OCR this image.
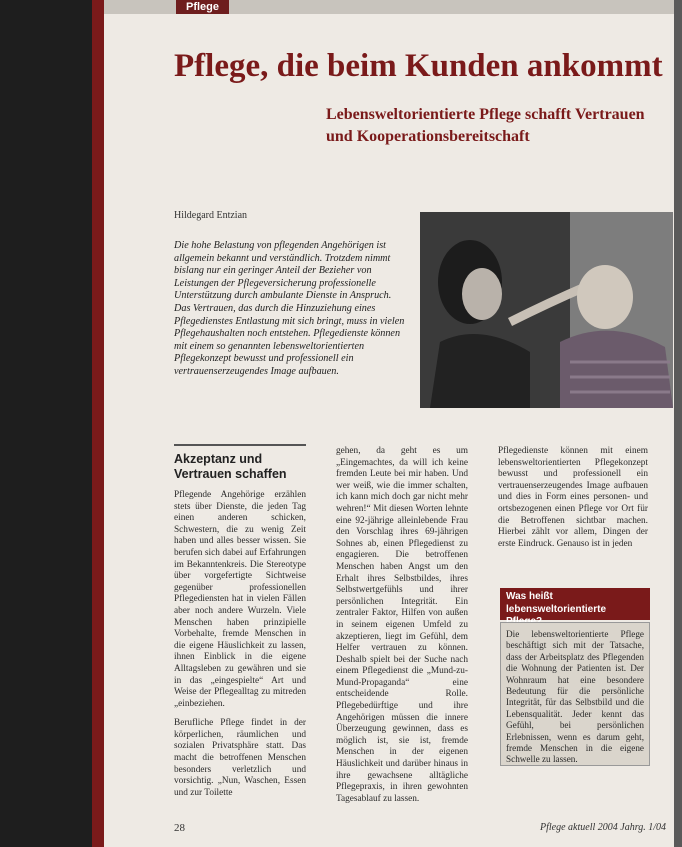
Pflege
Pflege, die beim Kunden ankommt
Lebensweltorientierte Pflege schafft Vertrauen und Kooperationsbereitschaft
Hildegard Entzian

Die hohe Belastung von pflegenden Angehörigen ist allgemein bekannt und verständlich. Trotzdem nimmt bislang nur ein geringer Anteil der Bezieher von Leistungen der Pflegeversicherung professionelle Unterstützung durch ambulante Dienste in Anspruch. Das Vertrauen, das durch die Hinzuziehung eines Pflegedienstes Entlastung mit sich bringt, muss in vielen Pflegehaushalten noch entstehen. Pflegedienste können mit einem so genannten lebensweltorientierten Pflegekonzept bewusst und professionell ein vertrauenserzeugendes Image aufbauen.

Akzeptanz und Vertrauen schaffen

Pflegende Angehörige erzählen stets über Dienste, die jeden Tag einen anderen schicken, Schwestern, die zu wenig Zeit haben und alles besser wissen. Sie berufen sich dabei auf Erfahrungen im Bekanntenkreis. Die Stereotype über vorgefertigte Sichtweise gegenüber professionellen Pflegediensten hat in vielen Fällen aber noch andere Wurzeln. Viele Menschen haben prinzipielle Vorbehalte, fremde Menschen in die eigene Häuslichkeit zu lassen, ihnen Einblick in die eigene Alltagsleben zu gewähren und sie in das „eingespielte“ Art und Weise der Pflegealltag zu mitreden „einbeziehen.

Berufliche Pflege findet in der körperlichen, räumlichen und sozialen Privatsphäre statt. Das macht die betroffenen Menschen besonders verletzlich und vorsichtig. „Nun, Waschen, Essen und zur Toilette

gehen, da geht es um „Eingemachtes, da will ich keine fremden Leute bei mir haben. Und wer weiß, wie die immer schalten, ich kann mich doch gar nicht mehr wehren!“ Mit diesen Worten lehnte eine 92-jährige alleinlebende Frau den Vorschlag ihres 69-jährigen Sohnes ab, einen Pflegedienst zu engagieren. Die betroffenen Menschen haben Angst um den Erhalt ihres Selbstbildes, ihres Selbstwertgefühls und ihrer persönlichen Integrität. Ein zentraler Faktor, Hilfen von außen in seinem eigenen Umfeld zu akzeptieren, liegt im Gefühl, dem Helfer vertrauen zu können. Deshalb spielt bei der Suche nach einem Pflegedienst die „Mund-zu-Mund-Propaganda“ eine entscheidende Rolle. Pflegebedürftige und ihre Angehörigen müssen die innere Überzeugung gewinnen, dass es möglich ist, sie ist, fremde Menschen in der eigenen Häuslichkeit und darüber hinaus in ihre gewachsene alltägliche Pflegepraxis, in ihren gewohnten Tagesablauf zu lassen.

Pflegedienste können mit einem lebensweltorientierten Pflegekonzept bewusst und professionell ein vertrauenserzeugendes Image aufbauen und dies in Form eines personen- und ortsbezogenen einen Pflege vor Ort für die Betroffenen sichtbar machen. Hierbei zählt vor allem, Dingen der erste Eindruck. Genauso ist in jeden

Was heißt lebensweltorientierte
Die lebensweltorientierte Pflege beschäftigt sich mit der Tatsache, dass der Arbeitsplatz des Pflegenden die Wohnung der Patienten ist. Der Wohnraum hat eine besondere Bedeutung für die persönliche Integrität, für das Selbstbild und die Lebensqualität. Jeder kennt das Gefühl, bei persönlichen Erlebnissen, wenn es darum geht, fremde Menschen in die eigene Schwelle zu lassen.
28	Pflege aktuell 2004 Jahrg. 1/04
